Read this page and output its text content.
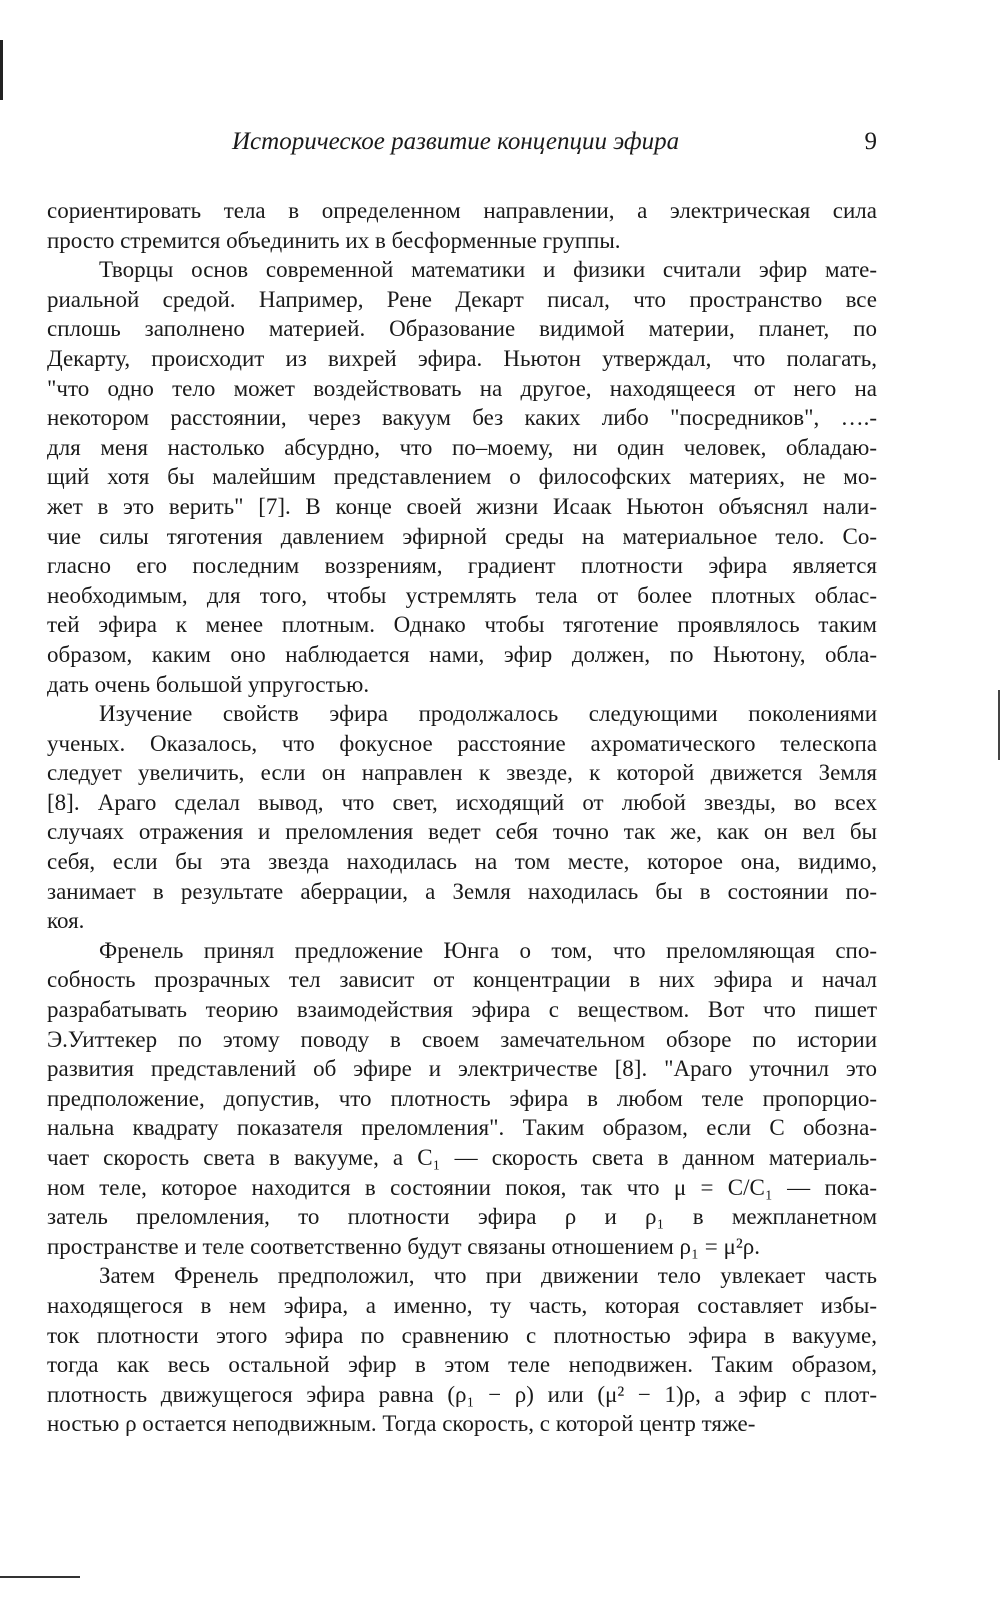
Историческое развитие концепции эфира	9
сориентировать тела в определенном направлении, а электрическая сила
просто стремится объединить их в бесформенные группы.
Творцы основ современной математики и физики считали эфир мате-
риальной средой. Например, Рене Декарт писал, что пространство все
сплошь заполнено материей. Образование видимой материи, планет, по
Декарту, происходит из вихрей эфира. Ньютон утверждал, что полагать,
"что одно тело может воздействовать на другое, находящееся от него на
некотором расстоянии, через вакуум без каких либо "посредников", ….-
для меня настолько абсурдно, что по–моему, ни один человек, обладаю-
щий хотя бы малейшим представлением о философских материях, не мо-
жет в это верить" [7]. В конце своей жизни Исаак Ньютон объяснял нали-
чие силы тяготения давлением эфирной среды на материальное тело. Со-
гласно его последним воззрениям, градиент плотности эфира является
необходимым, для того, чтобы устремлять тела от более плотных облас-
тей эфира к менее плотным. Однако чтобы тяготение проявлялось таким
образом, каким оно наблюдается нами, эфир должен, по Ньютону, обла-
дать очень большой упругостью.
Изучение свойств эфира продолжалось следующими поколениями
ученых. Оказалось, что фокусное расстояние ахроматического телескопа
следует увеличить, если он направлен к звезде, к которой движется Земля
[8]. Араго сделал вывод, что свет, исходящий от любой звезды, во всех
случаях отражения и преломления ведет себя точно так же, как он вел бы
себя, если бы эта звезда находилась на том месте, которое она, видимо,
занимает в результате аберрации, а Земля находилась бы в состоянии по-
коя.
Френель принял предложение Юнга о том, что преломляющая спо-
собность прозрачных тел зависит от концентрации в них эфира и начал
разрабатывать теорию взаимодействия эфира с веществом. Вот что пишет
Э.Уиттекер по этому поводу в своем замечательном обзоре по истории
развития представлений об эфире и электричестве [8]. "Араго уточнил это
предположение, допустив, что плотность эфира в любом теле пропорцио-
нальна квадрату показателя преломления". Таким образом, если C обозна-
чает скорость света в вакууме, а C₁ — скорость света в данном материаль-
ном теле, которое находится в состоянии покоя, так что μ = C/C₁ — пока-
затель преломления, то плотности эфира ρ и ρ₁ в межпланетном
пространстве и теле соответственно будут связаны отношением ρ₁ = μ²ρ.
Затем Френель предположил, что при движении тело увлекает часть
находящегося в нем эфира, а именно, ту часть, которая составляет избы-
ток плотности этого эфира по сравнению с плотностью эфира в вакууме,
тогда как весь остальной эфир в этом теле неподвижен. Таким образом,
плотность движущегося эфира равна (ρ₁ − ρ) или (μ² − 1)ρ, а эфир с плот-
ностью ρ остается неподвижным. Тогда скорость, с которой центр тяже-
